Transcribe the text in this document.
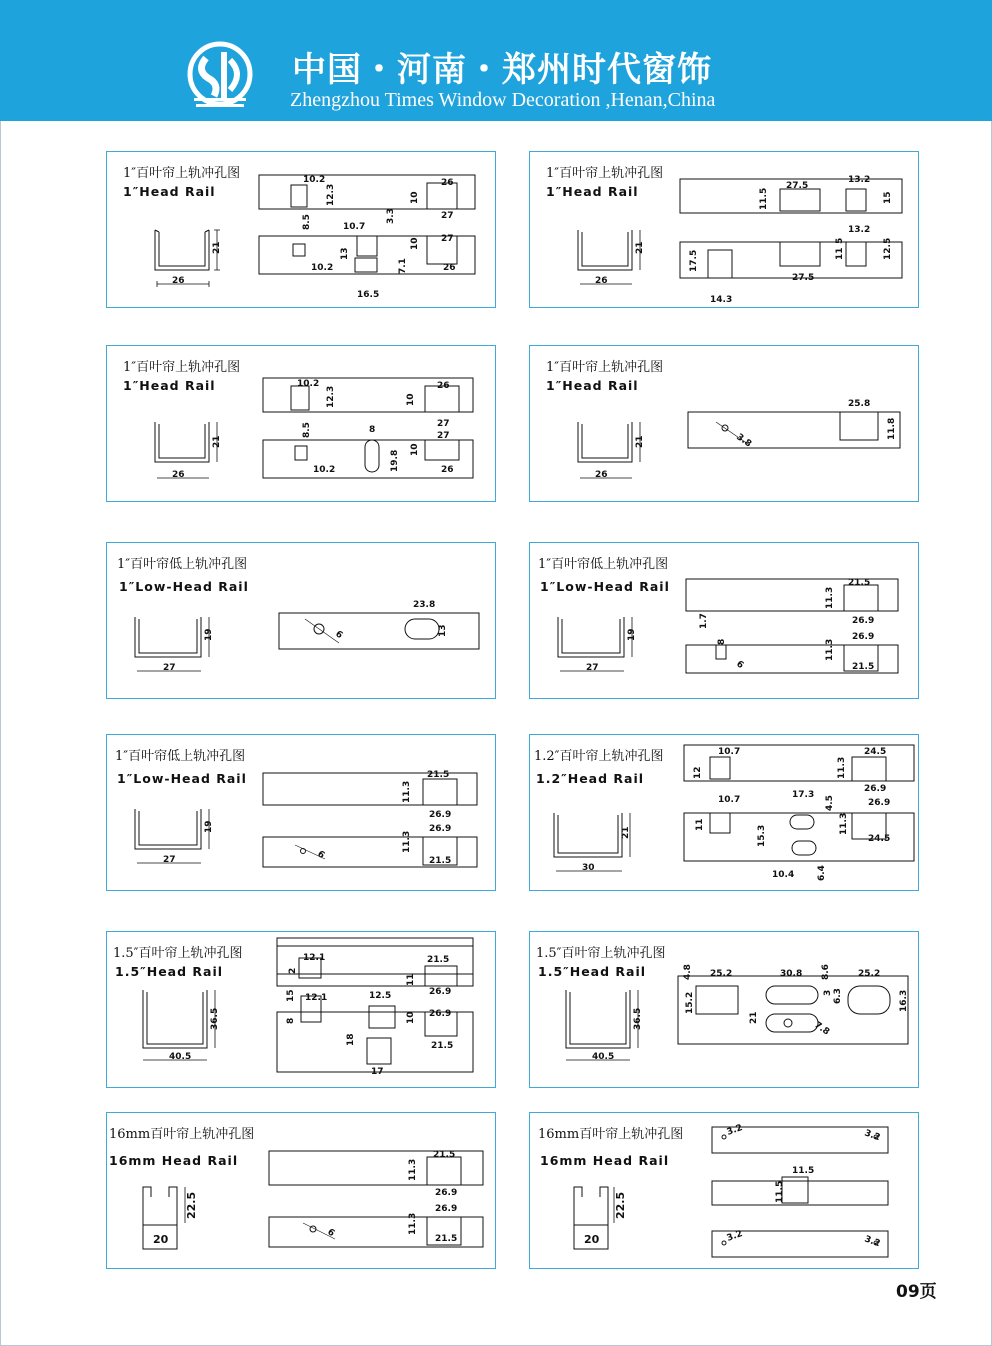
中国・河南・郑州时代窗饰
Zhengzhou Times Window Decoration ,Henan,China
1″百叶帘上轨冲孔图
1″Head Rail
26
21
10.2
12.3	10
26
27
8.5	10.7
3.3
10 27
10.2
13
7.1	26
16.5
1″百叶帘上轨冲孔图
1″Head Rail
26
21
11.5
27.5
13.2
15
13.2
17.5
5
11	12.5
27.5
14.3
1″百叶帘上轨冲孔图
1″Head Rail
26
21
10.2
12.3	10
26
27
8.5	8
27
10
10.2	19.8	26
1″百叶帘上轨冲孔图
1″Head Rail
26
21
25.8
11.8
3.8
1″百叶帘低上轨冲孔图
1″Low-Head Rail
27
19
23.8
13
6
1″百叶帘低上轨冲孔图
1″Low-Head Rail
27
19
21.5
11.3
26.9
1.7
8	26.9
11.3
21.5
6
1″百叶帘低上轨冲孔图
1″Low-Head Rail
27
19
21.5
11.3
26.9
26.9
11.3
21.5
6
1.2″百叶帘上轨冲孔图
1.2″Head Rail
30
21
10.7
12
24.5
11.3
26.9
10.7	17.3
4.5	26.9
11	11.3
15.3	24.5
10.4	6.4
1.5″百叶帘上轨冲孔图
1.5″Head Rail
40.5
36.5
12.1
2
21.5
15
11
12.1	12.5	26.9
8	10 26.9
18	21.5
17
1.5″百叶帘上轨冲孔图
1.5″Head Rail
40.5
36.5
4.8 25.2	30.8 8.6	25.2
15.2	3 6.3	16.3
21
7.8
16mm百叶帘上轨冲孔图
16mm Head Rail
20
22.5
21.5
11.3
26.9
26.9
11.3
21.5
6
16mm百叶帘上轨冲孔图
16mm Head Rail
20
22.5
3.2	3.2
11.5
11.5
3.2	3.2
09页
